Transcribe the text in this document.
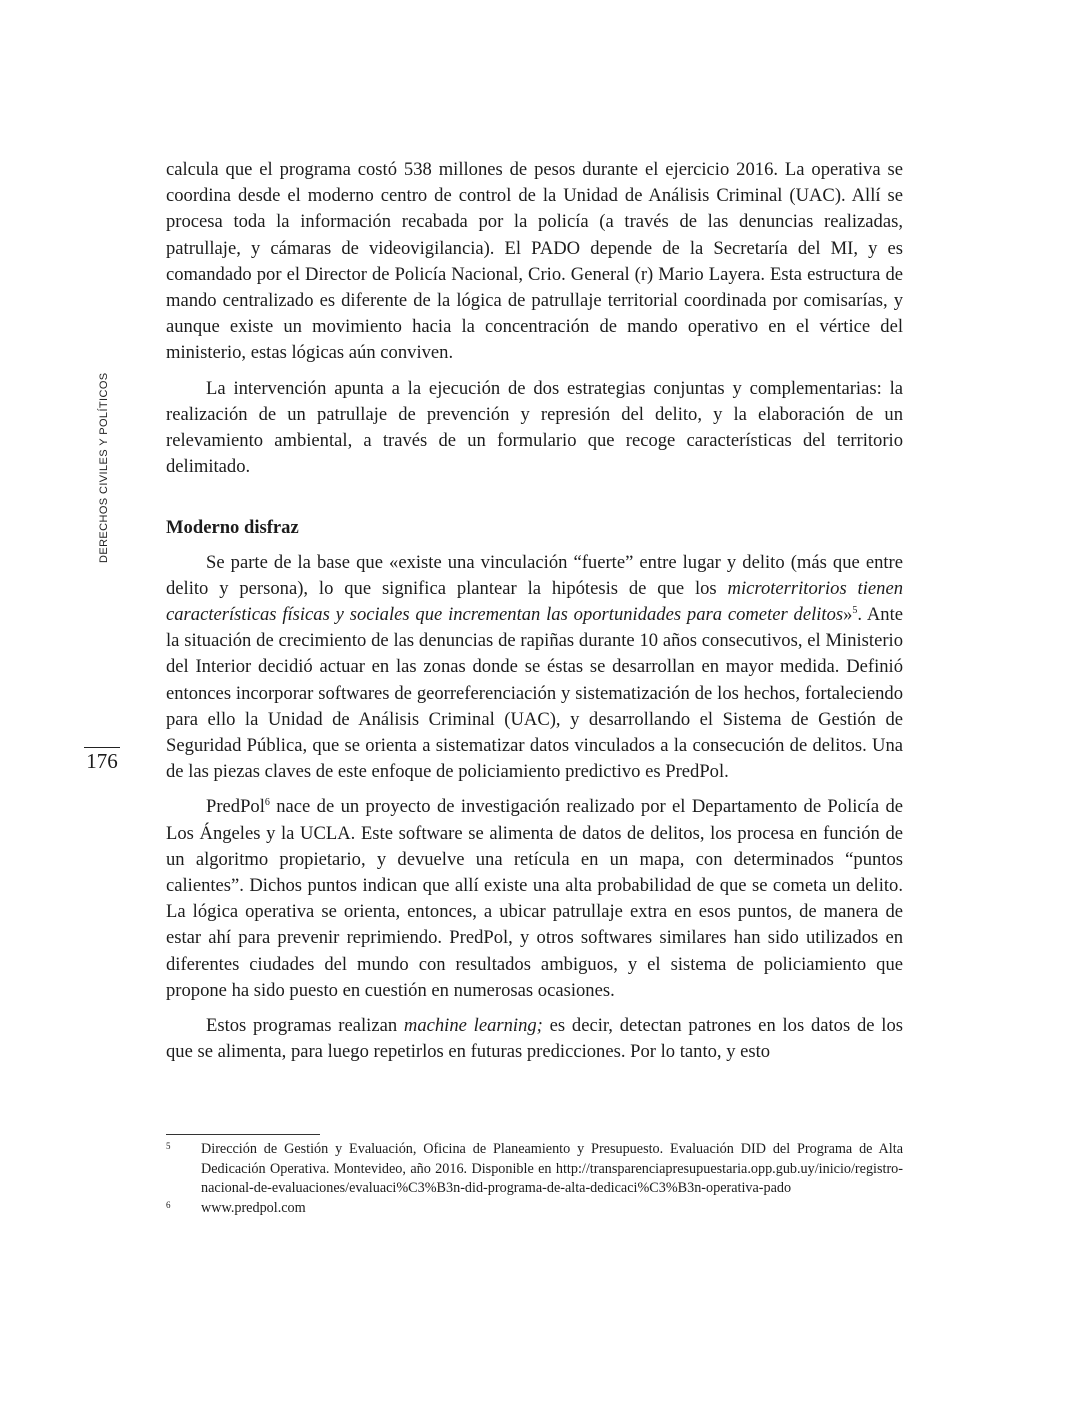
DERECHOS CIVILES Y POLÍTICOS
176

calcula que el programa costó 538 millones de pesos durante el ejercicio 2016. La operativa se coordina desde el moderno centro de control de la Unidad de Análisis Criminal (UAC). Allí se procesa toda la información recabada por la policía (a través de las denuncias realizadas, patrullaje, y cámaras de videovigilancia). El PADO depende de la Secretaría del MI, y es comandado por el Director de Policía Nacional, Crio. General (r) Mario Layera. Esta estructura de mando centralizado es diferente de la lógica de patrullaje territorial coordinada por comisarías, y aunque existe un movimiento hacia la concentración de mando operativo en el vértice del ministerio, estas lógicas aún conviven.

La intervención apunta a la ejecución de dos estrategias conjuntas y complementarias: la realización de un patrullaje de prevención y represión del delito, y la elaboración de un relevamiento ambiental, a través de un formulario que recoge características del territorio delimitado.

Moderno disfraz

Se parte de la base que «existe una vinculación “fuerte” entre lugar y delito (más que entre delito y persona), lo que significa plantear la hipótesis de que los microterritorios tienen características físicas y sociales que incrementan las oportunidades para cometer delitos»$^5$. Ante la situación de crecimiento de las denuncias de rapiñas durante 10 años consecutivos, el Ministerio del Interior decidió actuar en las zonas donde se éstas se desarrollan en mayor medida. Definió entonces incorporar softwares de georreferenciación y sistematización de los hechos, fortaleciendo para ello la Unidad de Análisis Criminal (UAC), y desarrollando el Sistema de Gestión de Seguridad Pública, que se orienta a sistematizar datos vinculados a la consecución de delitos. Una de las piezas claves de este enfoque de policiamiento predictivo es PredPol.

PredPol$^6$ nace de un proyecto de investigación realizado por el Departamento de Policía de Los Ángeles y la UCLA. Este software se alimenta de datos de delitos, los procesa en función de un algoritmo propietario, y devuelve una retícula en un mapa, con determinados “puntos calientes”. Dichos puntos indican que allí existe una alta probabilidad de que se cometa un delito. La lógica operativa se orienta, entonces, a ubicar patrullaje extra en esos puntos, de manera de estar ahí para prevenir reprimiendo. PredPol, y otros softwares similares han sido utilizados en diferentes ciudades del mundo con resultados ambiguos, y el sistema de policiamiento que propone ha sido puesto en cuestión en numerosas ocasiones.

Estos programas realizan machine learning; es decir, detectan patrones en los datos de los que se alimenta, para luego repetirlos en futuras predicciones. Por lo tanto, y esto

5 Dirección de Gestión y Evaluación, Oficina de Planeamiento y Presupuesto. Evaluación DID del Programa de Alta Dedicación Operativa. Montevideo, año 2016. Disponible en http://transparenciapresupuestaria.opp.gub.uy/inicio/registro-nacional-de-evaluaciones/evaluaci%C3%B3n-did-programa-de-alta-dedicaci%C3%B3n-operativa-pado

6 www.predpol.com
